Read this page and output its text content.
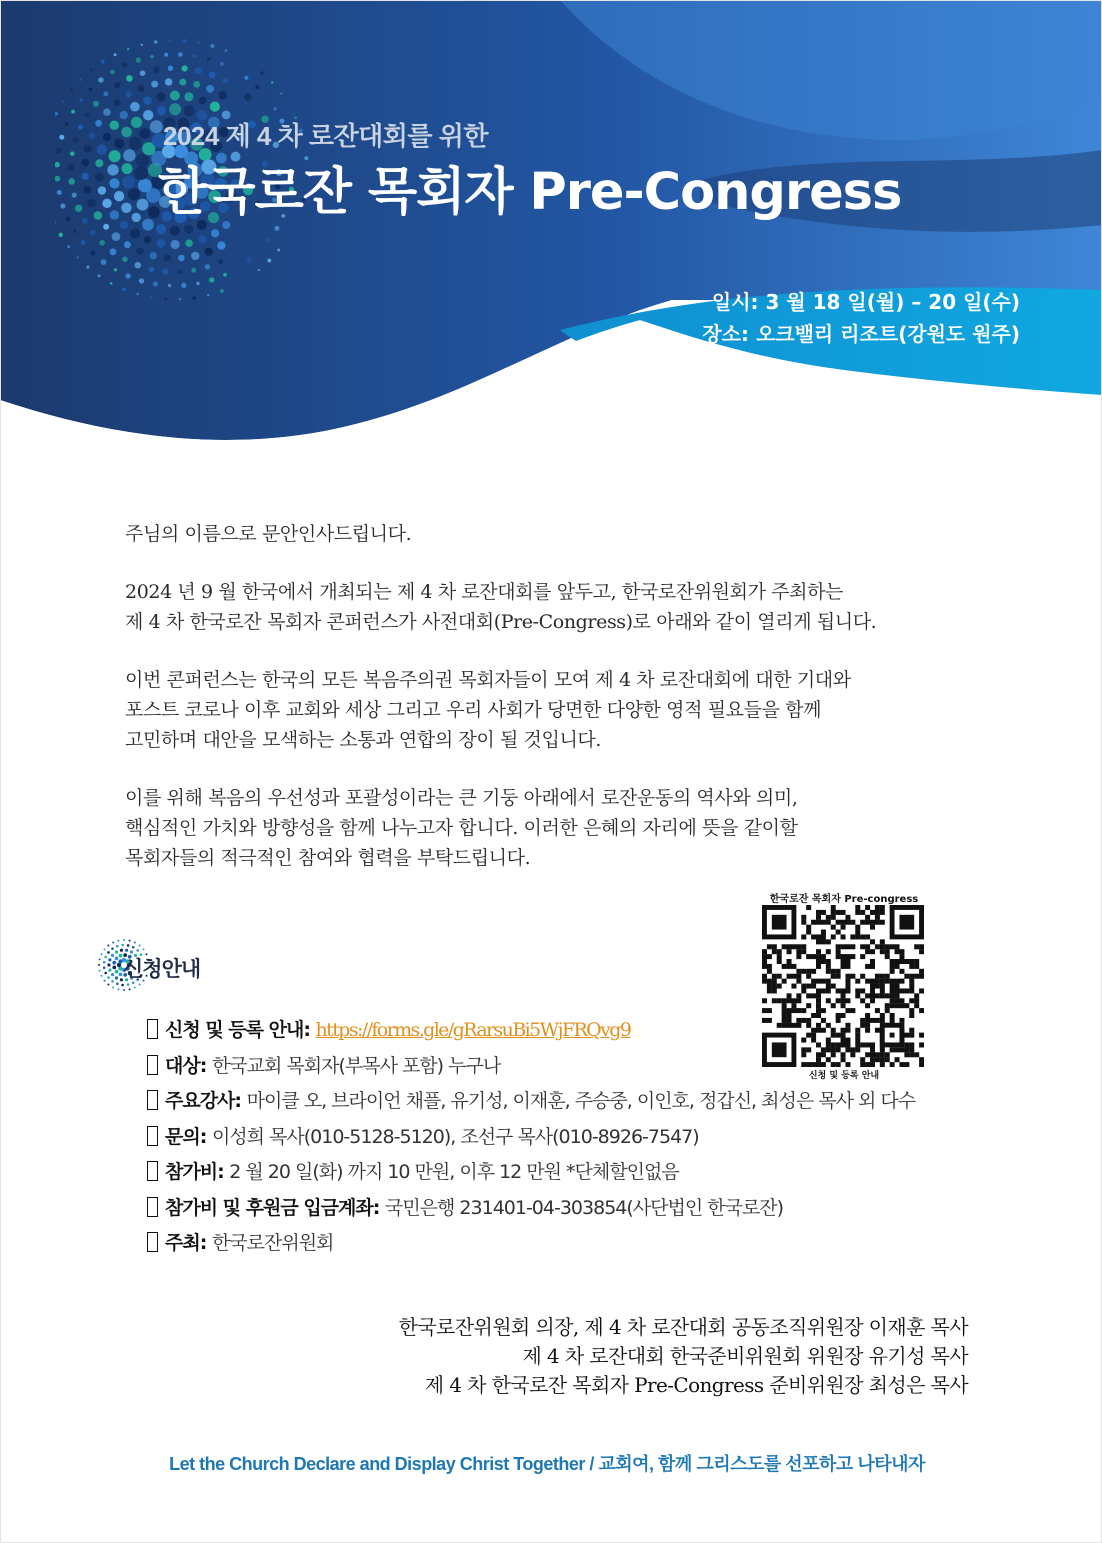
2024 제 4 차 로잔대회를 위한
한국로잔 목회자 Pre-Congress
일시: 3 월 18 일(월) – 20 일(수)
장소: 오크밸리 리조트(강원도 원주)

주님의 이름으로 문안인사드립니다.

2024 년 9 월 한국에서 개최되는 제 4 차 로잔대회를 앞두고, 한국로잔위원회가 주최하는
제 4 차 한국로잔 목회자 콘퍼런스가 사전대회(Pre-Congress)로 아래와 같이 열리게 됩니다.

이번 콘퍼런스는 한국의 모든 복음주의권 목회자들이 모여 제 4 차 로잔대회에 대한 기대와
포스트 코로나 이후 교회와 세상 그리고 우리 사회가 당면한 다양한 영적 필요들을 함께
고민하며 대안을 모색하는 소통과 연합의 장이 될 것입니다.

이를 위해 복음의 우선성과 포괄성이라는 큰 기둥 아래에서 로잔운동의 역사와 의미,
핵심적인 가치와 방향성을 함께 나누고자 합니다. 이러한 은혜의 자리에 뜻을 같이할
목회자들의 적극적인 참여와 협력을 부탁드립니다.

신청안내
한국로잔 목회자 Pre-congress
신청 및 등록 안내
신청 및 등록 안내: https://forms.gle/gRarsuBi5WjFRQvg9
대상: 한국교회 목회자(부목사 포함) 누구나
주요강사: 마이클 오, 브라이언 채플, 유기성, 이재훈, 주승중, 이인호, 정갑신, 최성은 목사 외 다수
문의: 이성희 목사(010-5128-5120), 조선구 목사(010-8926-7547)
참가비: 2 월 20 일(화) 까지 10 만원, 이후 12 만원 *단체할인없음
참가비 및 후원금 입금계좌: 국민은행 231401-04-303854(사단법인 한국로잔)
주최: 한국로잔위원회
한국로잔위원회 의장, 제 4 차 로잔대회 공동조직위원장 이재훈 목사
제 4 차 로잔대회 한국준비위원회 위원장 유기성 목사
제 4 차 한국로잔 목회자 Pre-Congress 준비위원장 최성은 목사
Let the Church Declare and Display Christ Together / 교회여, 함께 그리스도를 선포하고 나타내자
